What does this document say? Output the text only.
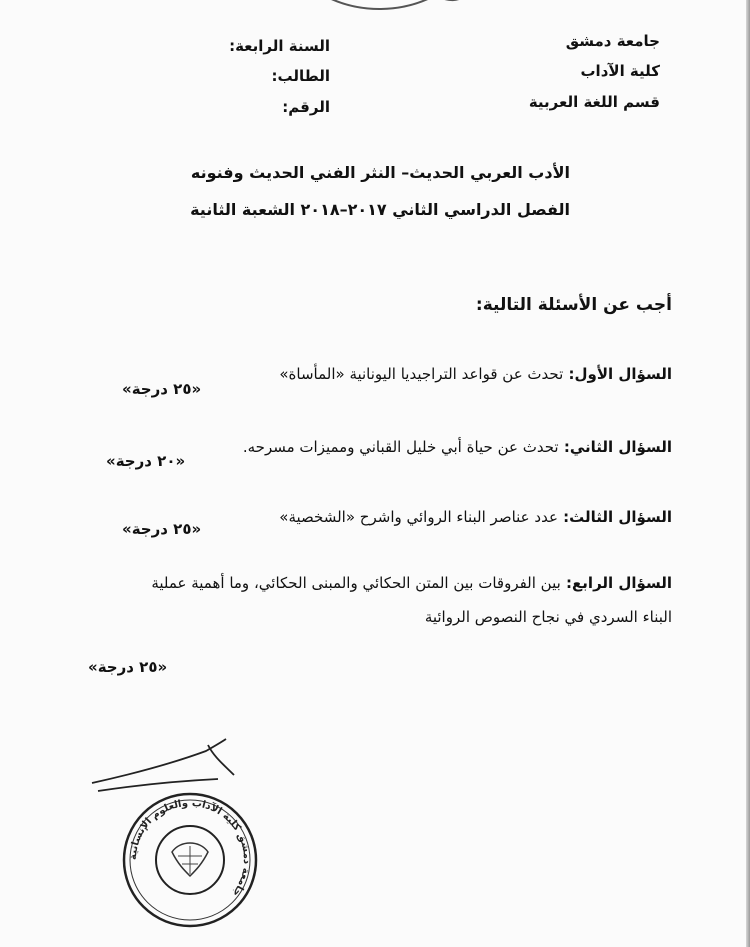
جامعة دمشق
كلية الآداب
قسم اللغة العربية
السنة الرابعة:
الطالب:
الرقم:
الأدب العربي الحديث– النثر الفني الحديث وفنونه
الفصل الدراسي الثاني ٢٠١٧–٢٠١٨ الشعبة الثانية
أجب عن الأسئلة التالية:
السؤال الأول: تحدث عن قواعد التراجيديا اليونانية «المأساة»
«٢٥ درجة»
السؤال الثاني: تحدث عن حياة أبي خليل القباني ومميزات مسرحه.
«٢٠ درجة»
السؤال الثالث: عدد عناصر البناء الروائي واشرح «الشخصية»
«٢٥ درجة»
السؤال الرابع: بين الفروقات بين المتن الحكائي والمبنى الحكائي، وما أهمية عملية
البناء السردي في نجاح النصوص الروائية
«٢٥ درجة»
جامعة دمشق كلية الآداب والعلوم الإنسانية
